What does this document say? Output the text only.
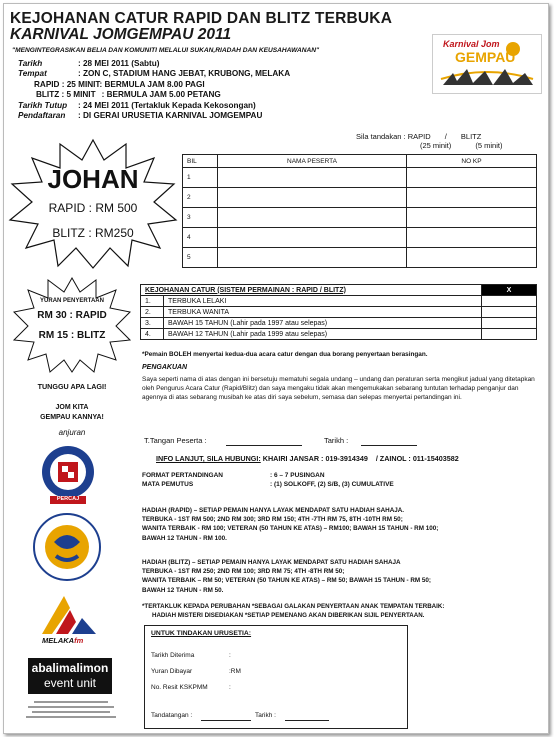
KEJOHANAN CATUR RAPID DAN BLITZ TERBUKA
KARNIVAL JOMGEMPAU 2011
"MENGINTEGRASIKAN BELIA DAN KOMUNITI MELALUI SUKAN,RIADAH DAN KEUSAHAWANAN"
Tarikh	: 28 MEI 2011 (Sabtu)
Tempat	: ZON C, STADIUM HANG JEBAT, KRUBONG, MELAKA
RAPID : 25 MINIT: BERMULA JAM 8.00 PAGI
BLITZ : 5 MINIT : BERMULA JAM 5.00 PETANG
Tarikh Tutup : 24 MEI 2011 (Tertakluk Kepada Kekosongan)
Pendaftaran : DI GERAI URUSETIA KARNIVAL JOMGEMPAU
Karnival Jom
GEMPAU
Sila tandakan : RAPID / BLITZ
(25 minit)	(5 minit)
BIL	NAMA PESERTA	NO KP
1		
2		
3		
4		
5		
JOHAN
RAPID : RM 500
BLITZ : RM250
YURAN PENYERTAAN
RM 30 : RAPID
RM 15 : BLITZ
KEJOHANAN CATUR (SISTEM PERMAINAN : RAPID / BLITZ)		X
1.	TERBUKA LELAKI	
2.	TERBUKA WANITA	
3.	BAWAH 15 TAHUN (Lahir pada 1997 atau selepas)	
4.	BAWAH 12 TAHUN (Lahir pada 1999 atau selepas)	
*Pemain BOLEH menyertai kedua-dua acara catur dengan dua borang penyertaan berasingan.
TUNGGU APA LAGI!
JOM KITA
GEMPAU KANNYA!
anjuran
PENGAKUAN
Saya seperti nama di atas dengan ini bersetuju mematuhi segala undang – undang dan peraturan serta mengikut jadual yang ditetapkan oleh Pengurus Acara Catur (Rapid/Blitz) dan saya mengaku tidak akan mengemukakan sebarang tuntutan terhadap penganjur dan agennya di atas sebarang musibah ke atas diri saya sebelum, semasa dan selepas menyertai pertandingan ini.
T.Tangan Peserta :	Tarikh :
INFO LANJUT, SILA HUBUNGI: KHAIRI JANSAR : 019-3914349 / ZAINOL : 011-15403582
FORMAT PERTANDINGAN	: 6 – 7 PUSINGAN
MATA PEMUTUS	: (1) SOLKOFF, (2) S/B, (3) CUMULATIVE
HADIAH (RAPID) – SETIAP PEMAIN HANYA LAYAK MENDAPAT SATU HADIAH SAHAJA.
TERBUKA - 1ST RM 500; 2ND RM 300; 3RD RM 150; 4TH -7TH RM 75, 8TH -10TH RM 50;
WANITA TERBAIK - RM 100; VETERAN (50 TAHUN KE ATAS) – RM100; BAWAH 15 TAHUN - RM 100;
BAWAH 12 TAHUN - RM 100.
HADIAH (BLITZ) – SETIAP PEMAIN HANYA LAYAK MENDAPAT SATU HADIAH SAHAJA
TERBUKA - 1ST RM 250; 2ND RM 100; 3RD RM 75; 4TH -8TH RM 50;
WANITA TERBAIK – RM 50; VETERAN (50 TAHUN KE ATAS) – RM 50; BAWAH 15 TAHUN - RM 50;
BAWAH 12 TAHUN - RM 50.
*TERTAKLUK KEPADA PERUBAHAN *SEBAGAI GALAKAN PENYERTAAN ANAK TEMPATAN TERBAIK:
HADIAH MISTERI DISEDIAKAN *SETIAP PEMENANG AKAN DIBERIKAN SIJIL PENYERTAAN.
UNTUK TINDAKAN URUSETIA:
Tarikh Diterima	:
Yuran Dibayar	:RM
No. Resit KSKPMM	:
Tandatangan :	Tarikh :
PERCAJ
MELAKAfm
abalimalimon
event unit
